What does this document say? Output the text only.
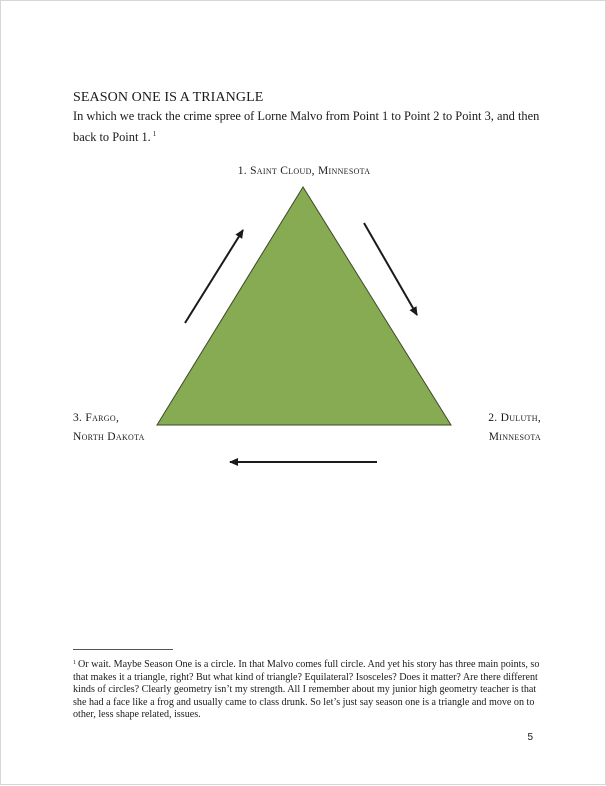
SEASON ONE IS A TRIANGLE
In which we track the crime spree of Lorne Malvo from Point 1 to Point 2 to Point 3, and then back to Point 1. $^1$
1. Saint Cloud, Minnesota
3. Fargo,
North Dakota
2. Duluth,
Minnesota
$^1$ Or wait. Maybe Season One is a circle. In that Malvo comes full circle. And yet his story has three main points, so that makes it a triangle, right? But what kind of triangle? Equilateral? Isosceles? Does it matter? Are there different kinds of circles? Clearly geometry isn’t my strength. All I remember about my junior high geometry teacher is that she had a face like a frog and usually came to class drunk. So let’s just say season one is a triangle and move on to other, less shape related, issues.
5
